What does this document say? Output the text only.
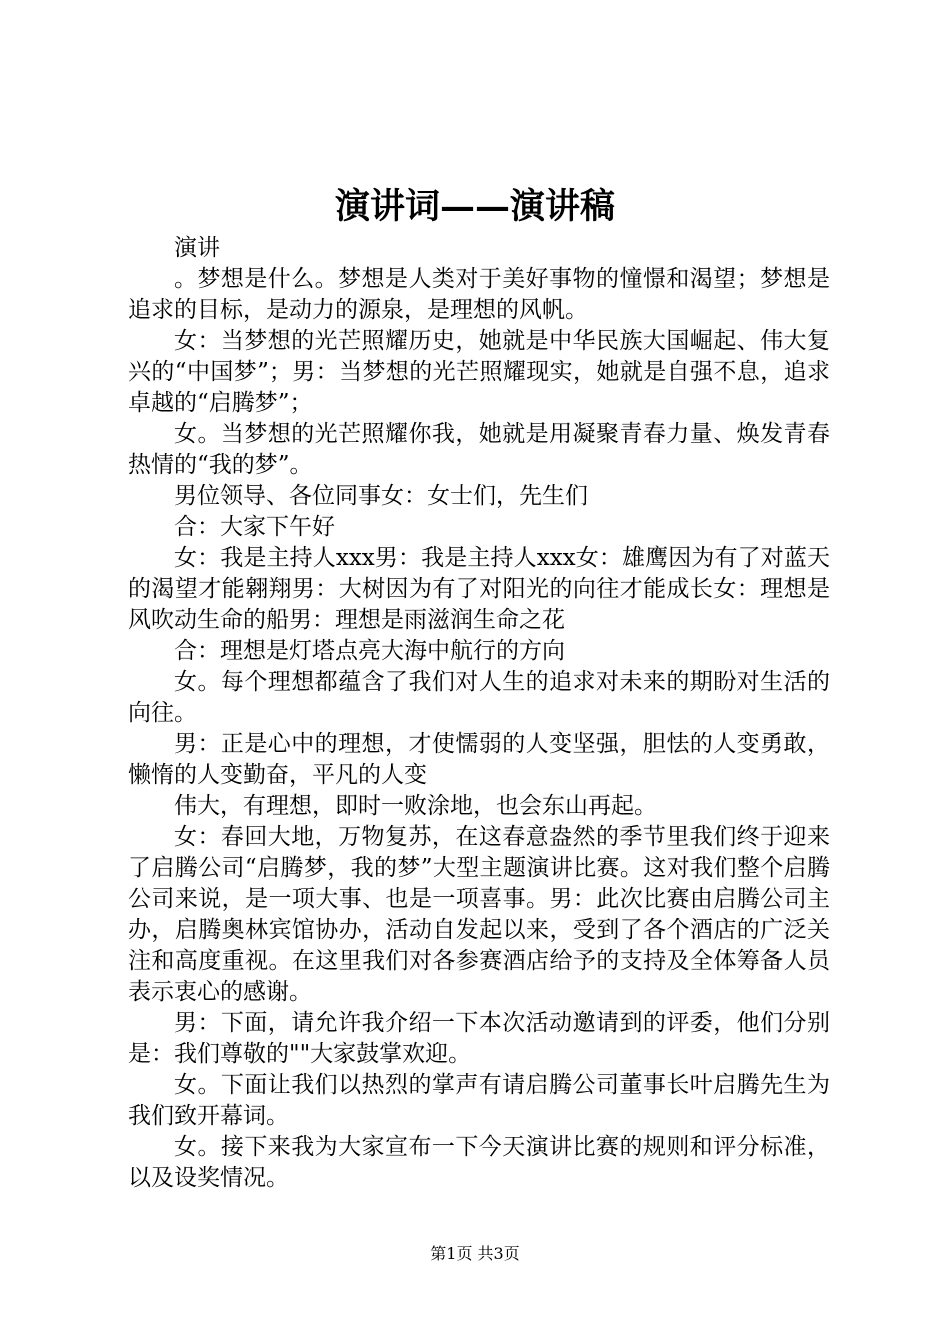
演讲词——演讲稿

演讲

。梦想是什么。梦想是人类对于美好事物的憧憬和渴望；梦想是追求的目标，是动力的源泉，是理想的风帆。

女：当梦想的光芒照耀历史，她就是中华民族大国崛起、伟大复兴的“中国梦”；男：当梦想的光芒照耀现实，她就是自强不息，追求卓越的“启腾梦”；

女。当梦想的光芒照耀你我，她就是用凝聚青春力量、焕发青春热情的“我的梦”。

男位领导、各位同事女：女士们，先生们

合：大家下午好

女：我是主持人xxx男：我是主持人xxx女：雄鹰因为有了对蓝天的渴望才能翱翔男：大树因为有了对阳光的向往才能成长女：理想是风吹动生命的船男：理想是雨滋润生命之花

合：理想是灯塔点亮大海中航行的方向

女。每个理想都蕴含了我们对人生的追求对未来的期盼对生活的向往。

男：正是心中的理想，才使懦弱的人变坚强，胆怯的人变勇敢，懒惰的人变勤奋，平凡的人变

伟大，有理想，即时一败涂地，也会东山再起。

女：春回大地，万物复苏，在这春意盎然的季节里我们终于迎来了启腾公司“启腾梦，我的梦”大型主题演讲比赛。这对我们整个启腾公司来说，是一项大事、也是一项喜事。男：此次比赛由启腾公司主办，启腾奥林宾馆协办，活动自发起以来，受到了各个酒店的广泛关注和高度重视。在这里我们对各参赛酒店给予的支持及全体筹备人员表示衷心的感谢。

男：下面，请允许我介绍一下本次活动邀请到的评委，他们分别是：我们尊敬的""大家鼓掌欢迎。

女。下面让我们以热烈的掌声有请启腾公司董事长叶启腾先生为我们致开幕词。

女。接下来我为大家宣布一下今天演讲比赛的规则和评分标准，以及设奖情况。

第1页 共3页
